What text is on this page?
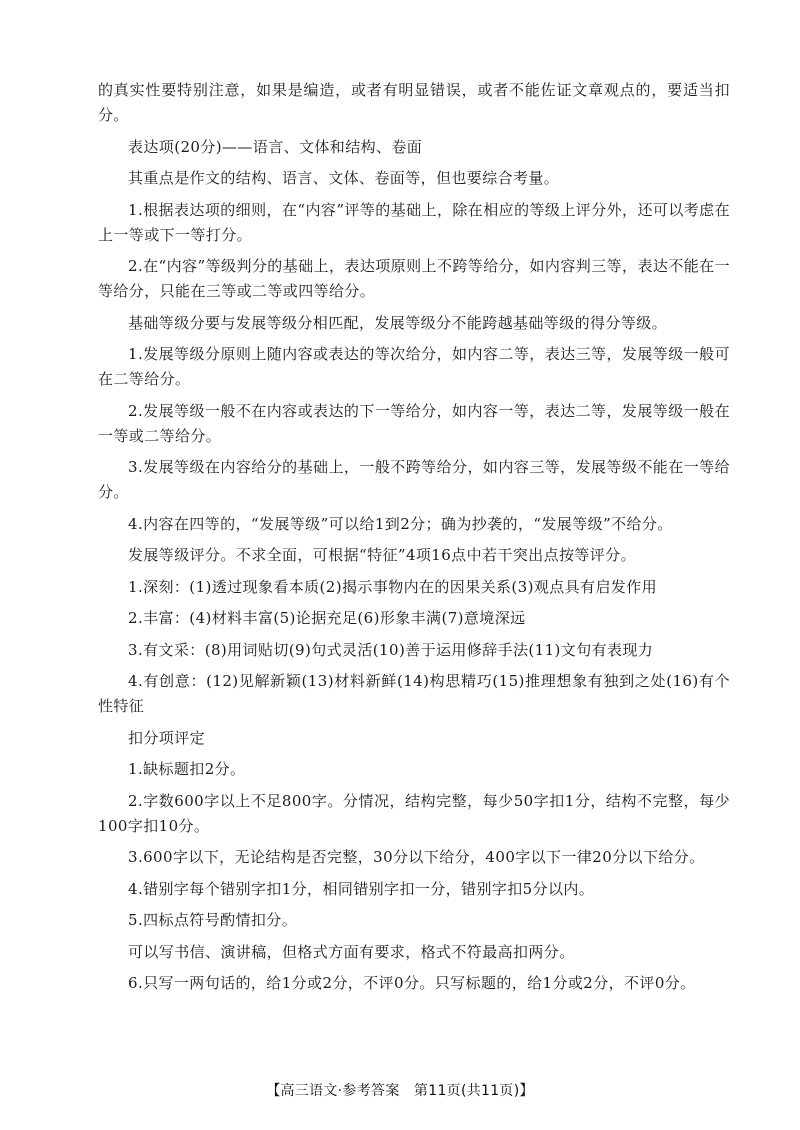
的真实性要特别注意，如果是编造，或者有明显错误，或者不能佐证文章观点的，要适当扣分。

表达项(20分)——语言、文体和结构、卷面

其重点是作文的结构、语言、文体、卷面等，但也要综合考量。

1.根据表达项的细则，在“内容”评等的基础上，除在相应的等级上评分外，还可以考虑在上一等或下一等打分。

2.在“内容”等级判分的基础上，表达项原则上不跨等给分，如内容判三等，表达不能在一等给分，只能在三等或二等或四等给分。

基础等级分要与发展等级分相匹配，发展等级分不能跨越基础等级的得分等级。

1.发展等级分原则上随内容或表达的等次给分，如内容二等，表达三等，发展等级一般可在二等给分。

2.发展等级一般不在内容或表达的下一等给分，如内容一等，表达二等，发展等级一般在一等或二等给分。

3.发展等级在内容给分的基础上，一般不跨等给分，如内容三等，发展等级不能在一等给分。

4.内容在四等的，“发展等级”可以给1到2分；确为抄袭的，“发展等级”不给分。

发展等级评分。不求全面，可根据“特征”4项16点中若干突出点按等评分。

1.深刻：(1)透过现象看本质(2)揭示事物内在的因果关系(3)观点具有启发作用

2.丰富：(4)材料丰富(5)论据充足(6)形象丰满(7)意境深远

3.有文采：(8)用词贴切(9)句式灵活(10)善于运用修辞手法(11)文句有表现力

4.有创意：(12)见解新颖(13)材料新鲜(14)构思精巧(15)推理想象有独到之处(16)有个性特征

扣分项评定

1.缺标题扣2分。

2.字数600字以上不足800字。分情况，结构完整，每少50字扣1分，结构不完整，每少100字扣10分。

3.600字以下，无论结构是否完整，30分以下给分，400字以下一律20分以下给分。

4.错别字每个错别字扣1分，相同错别字扣一分，错别字扣5分以内。

5.四标点符号酌情扣分。

可以写书信、演讲稿，但格式方面有要求，格式不符最高扣两分。

6.只写一两句话的，给1分或2分，不评0分。只写标题的，给1分或2分，不评0分。

【高三语文·参考答案　第11页(共11页)】
